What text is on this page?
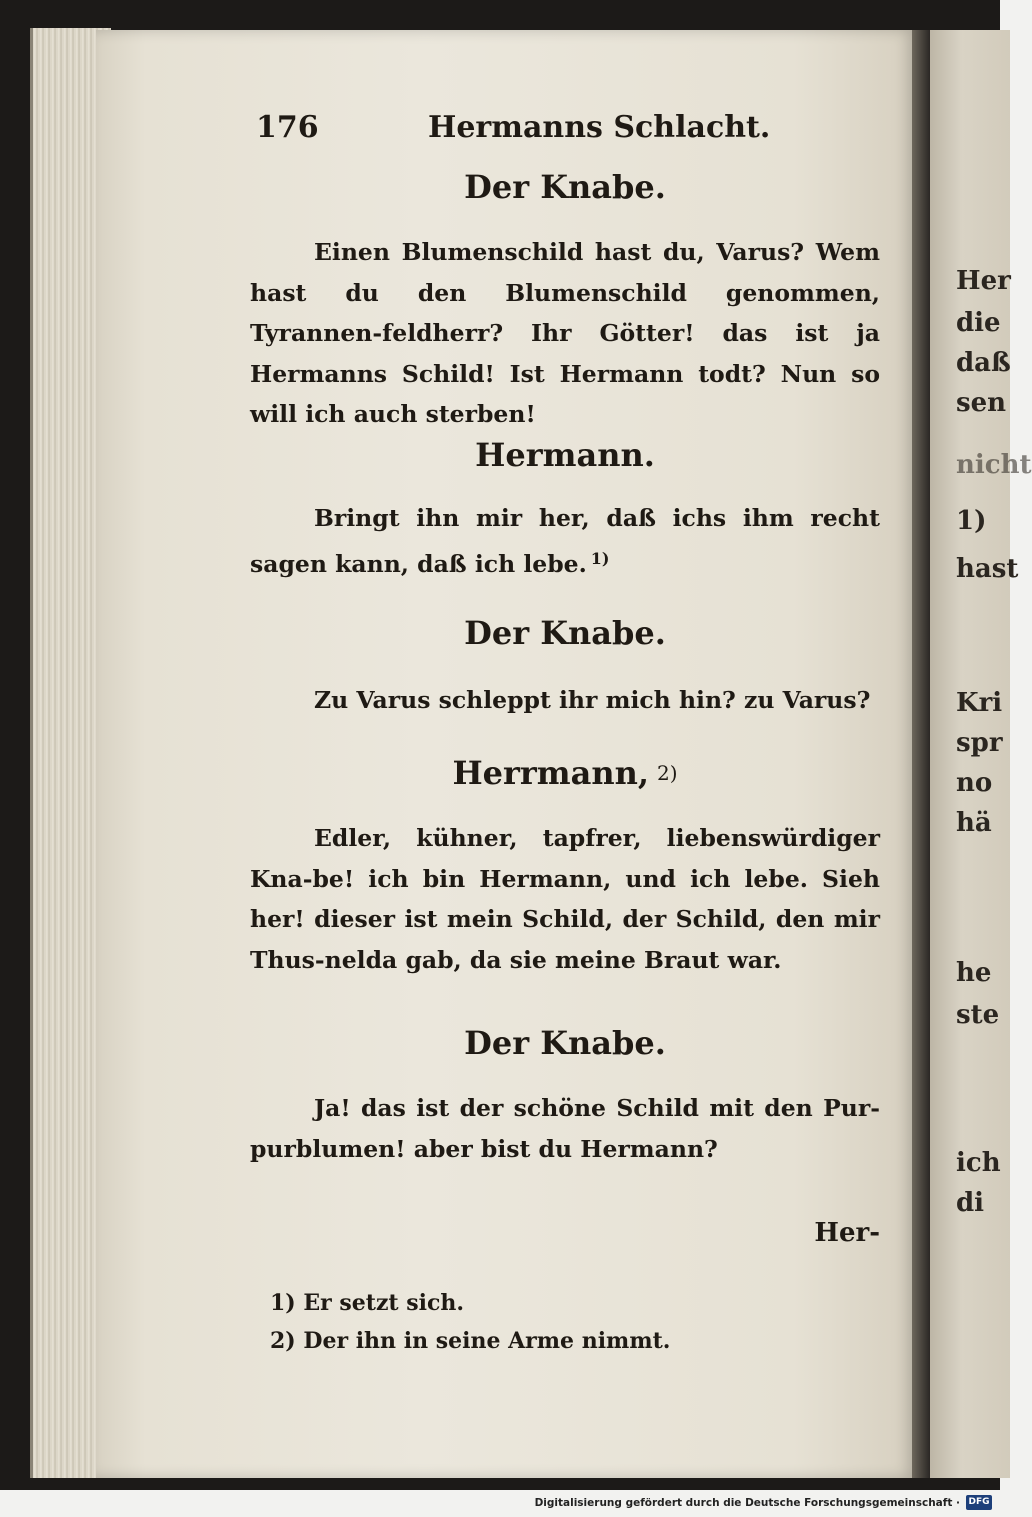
176	Hermanns Schlacht.
Der Knabe.
Einen Blumenschild hast du, Varus? Wem hast du den Blumenschild genommen, Tyrannen-feldherr? Ihr Götter! das ist ja Hermanns Schild! Ist Hermann todt? Nun so will ich auch sterben!
Hermann.
Bringt ihn mir her, daß ichs ihm recht sagen kann, daß ich lebe. $^{1)}$
Der Knabe.
Zu Varus schleppt ihr mich hin? zu Varus?
Herrmann, 2)
Edler, kühner, tapfrer, liebenswürdiger Kna-be! ich bin Hermann, und ich lebe. Sieh her! dieser ist mein Schild, der Schild, den mir Thus-nelda gab, da sie meine Braut war.
Der Knabe.
Ja! das ist der schöne Schild mit den Pur-purblumen! aber bist du Hermann?
Her-
1) Er setzt sich.
2) Der ihn in seine Arme nimmt.
Her
die
daß
sen
nicht
1)
hast
Kri
spr
no
hä
he
ste
ich
di
Digitalisierung gefördert durch die Deutsche Forschungsgemeinschaft · DFG
